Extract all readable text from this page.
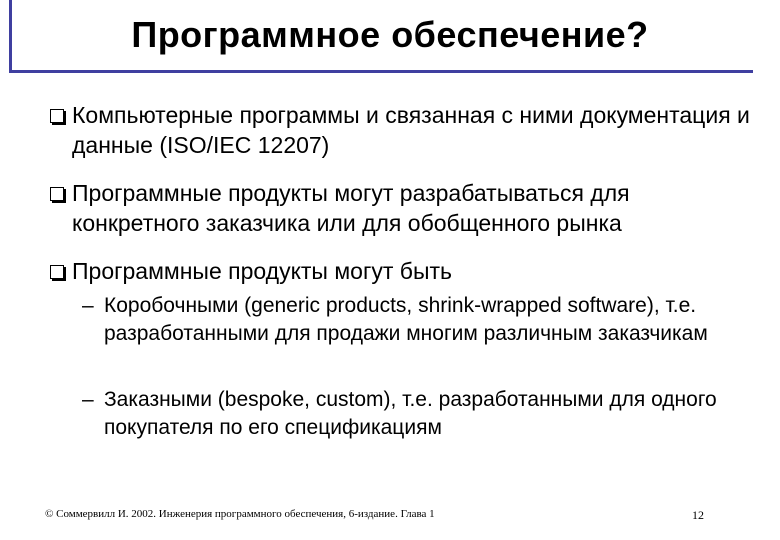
Программное обеспечение?
Компьютерные программы и связанная с ними документация и данные (ISO/IEC 12207)
Программные продукты могут разрабатываться для конкретного заказчика или для обобщенного рынка
Программные продукты могут быть
– Коробочными (generic products, shrink-wrapped software), т.е. разработанными для продажи многим различным заказчикам
– Заказными (bespoke, custom), т.е. разработанными для одного покупателя по его спецификациям
© Соммервилл И. 2002. Инженерия программного обеспечения, 6-издание. Глава 1	12
